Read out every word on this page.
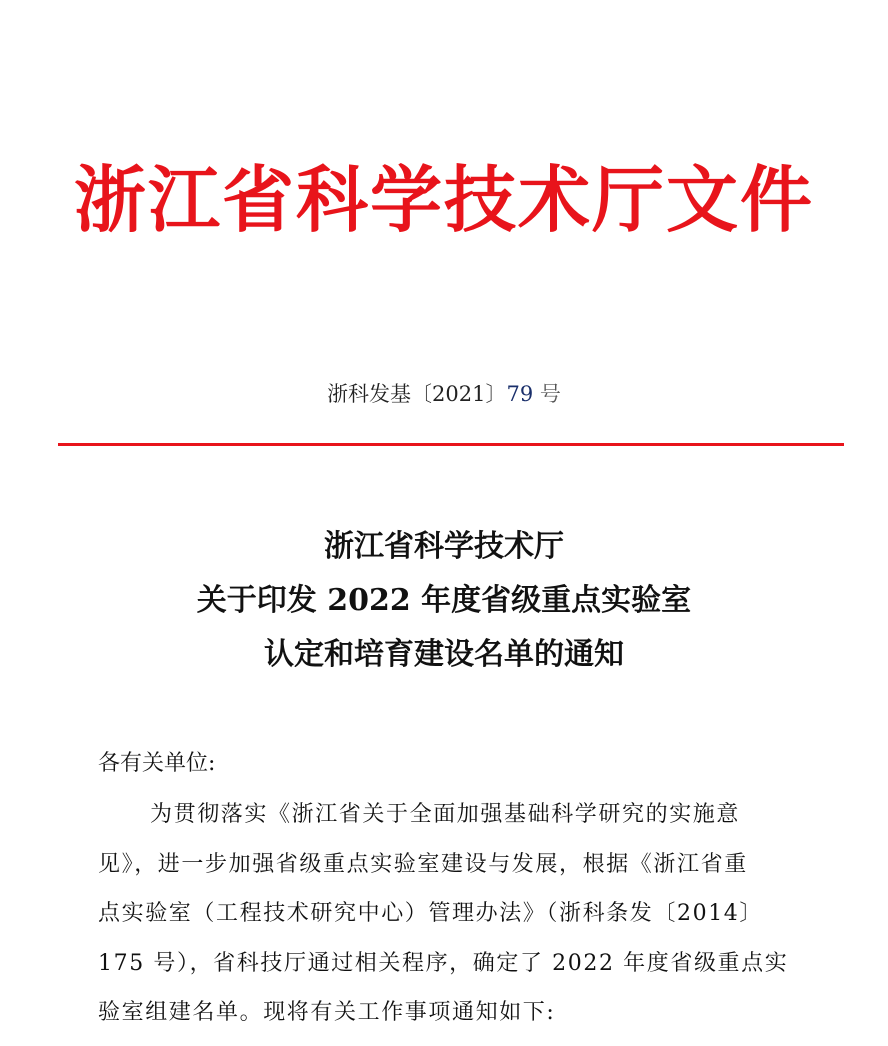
浙江省科学技术厅文件
浙科发基〔2021〕79 号
浙江省科学技术厅
关于印发 2022 年度省级重点实验室
认定和培育建设名单的通知
各有关单位:
为贯彻落实《浙江省关于全面加强基础科学研究的实施意
见》，进一步加强省级重点实验室建设与发展，根据《浙江省重
点实验室（工程技术研究中心）管理办法》（浙科条发〔2014〕
175 号），省科技厅通过相关程序，确定了 2022 年度省级重点实
验室组建名单。现将有关工作事项通知如下:
